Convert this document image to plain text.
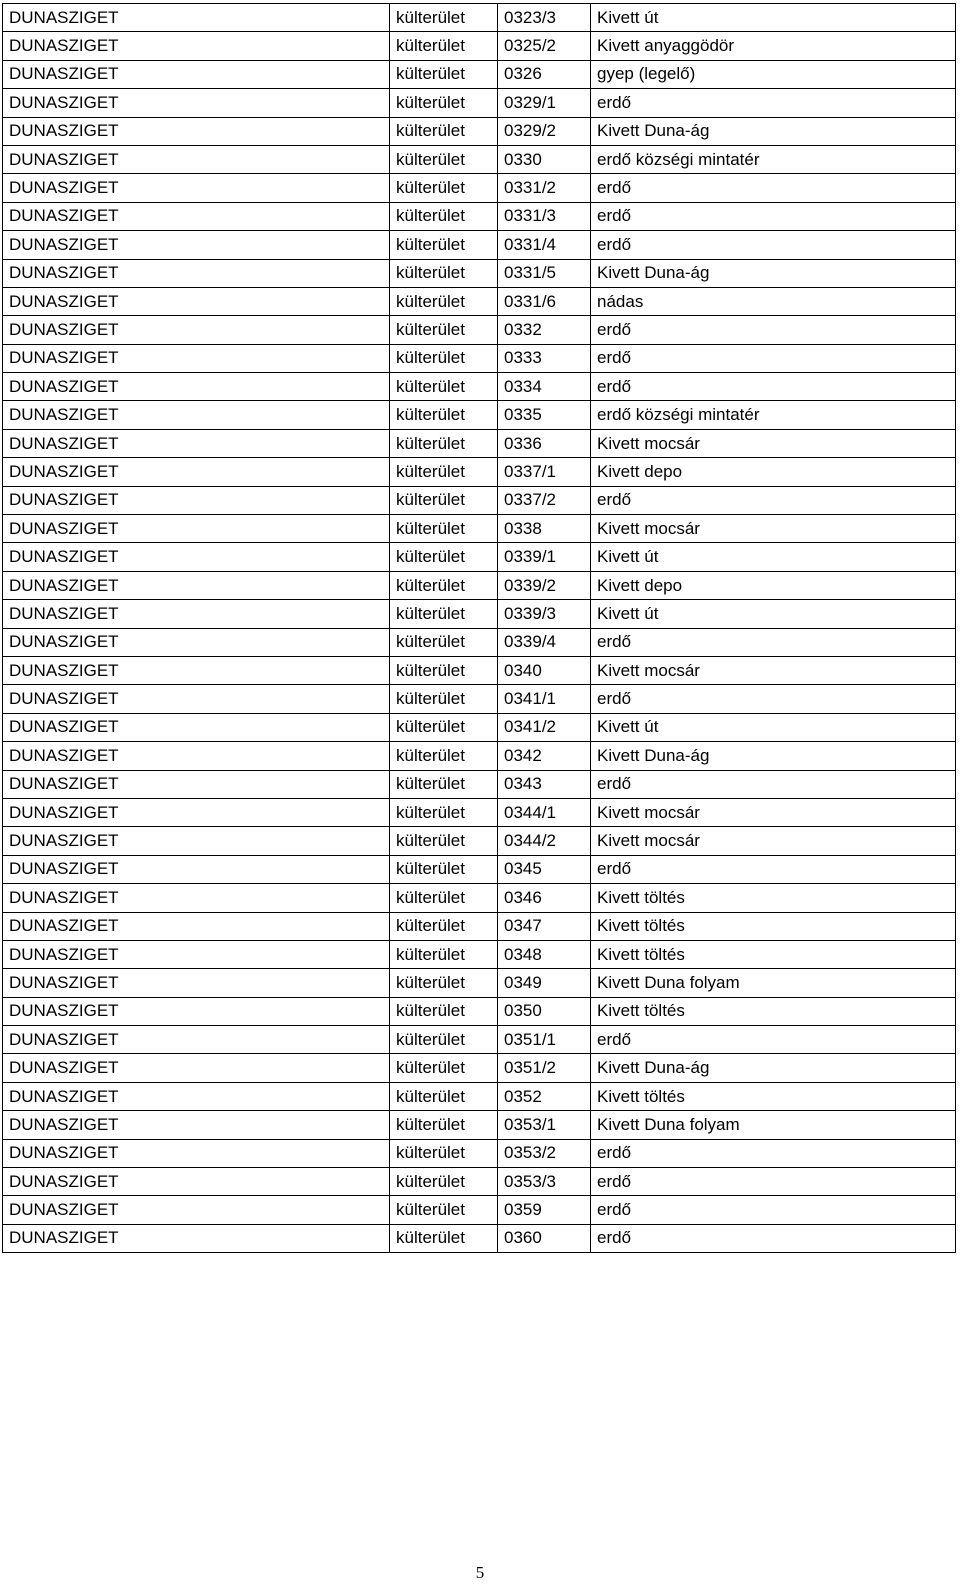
DUNASZIGET	külterület	0323/3	Kivett út
DUNASZIGET	külterület	0325/2	Kivett anyaggödör
DUNASZIGET	külterület	0326	gyep (legelő)
DUNASZIGET	külterület	0329/1	erdő
DUNASZIGET	külterület	0329/2	Kivett Duna-ág
DUNASZIGET	külterület	0330	erdő községi mintatér
DUNASZIGET	külterület	0331/2	erdő
DUNASZIGET	külterület	0331/3	erdő
DUNASZIGET	külterület	0331/4	erdő
DUNASZIGET	külterület	0331/5	Kivett Duna-ág
DUNASZIGET	külterület	0331/6	nádas
DUNASZIGET	külterület	0332	erdő
DUNASZIGET	külterület	0333	erdő
DUNASZIGET	külterület	0334	erdő
DUNASZIGET	külterület	0335	erdő községi mintatér
DUNASZIGET	külterület	0336	Kivett mocsár
DUNASZIGET	külterület	0337/1	Kivett depo
DUNASZIGET	külterület	0337/2	erdő
DUNASZIGET	külterület	0338	Kivett mocsár
DUNASZIGET	külterület	0339/1	Kivett út
DUNASZIGET	külterület	0339/2	Kivett depo
DUNASZIGET	külterület	0339/3	Kivett út
DUNASZIGET	külterület	0339/4	erdő
DUNASZIGET	külterület	0340	Kivett mocsár
DUNASZIGET	külterület	0341/1	erdő
DUNASZIGET	külterület	0341/2	Kivett út
DUNASZIGET	külterület	0342	Kivett Duna-ág
DUNASZIGET	külterület	0343	erdő
DUNASZIGET	külterület	0344/1	Kivett mocsár
DUNASZIGET	külterület	0344/2	Kivett mocsár
DUNASZIGET	külterület	0345	erdő
DUNASZIGET	külterület	0346	Kivett töltés
DUNASZIGET	külterület	0347	Kivett töltés
DUNASZIGET	külterület	0348	Kivett töltés
DUNASZIGET	külterület	0349	Kivett Duna folyam
DUNASZIGET	külterület	0350	Kivett töltés
DUNASZIGET	külterület	0351/1	erdő
DUNASZIGET	külterület	0351/2	Kivett Duna-ág
DUNASZIGET	külterület	0352	Kivett töltés
DUNASZIGET	külterület	0353/1	Kivett Duna folyam
DUNASZIGET	külterület	0353/2	erdő
DUNASZIGET	külterület	0353/3	erdő
DUNASZIGET	külterület	0359	erdő
DUNASZIGET	külterület	0360	erdő
5
